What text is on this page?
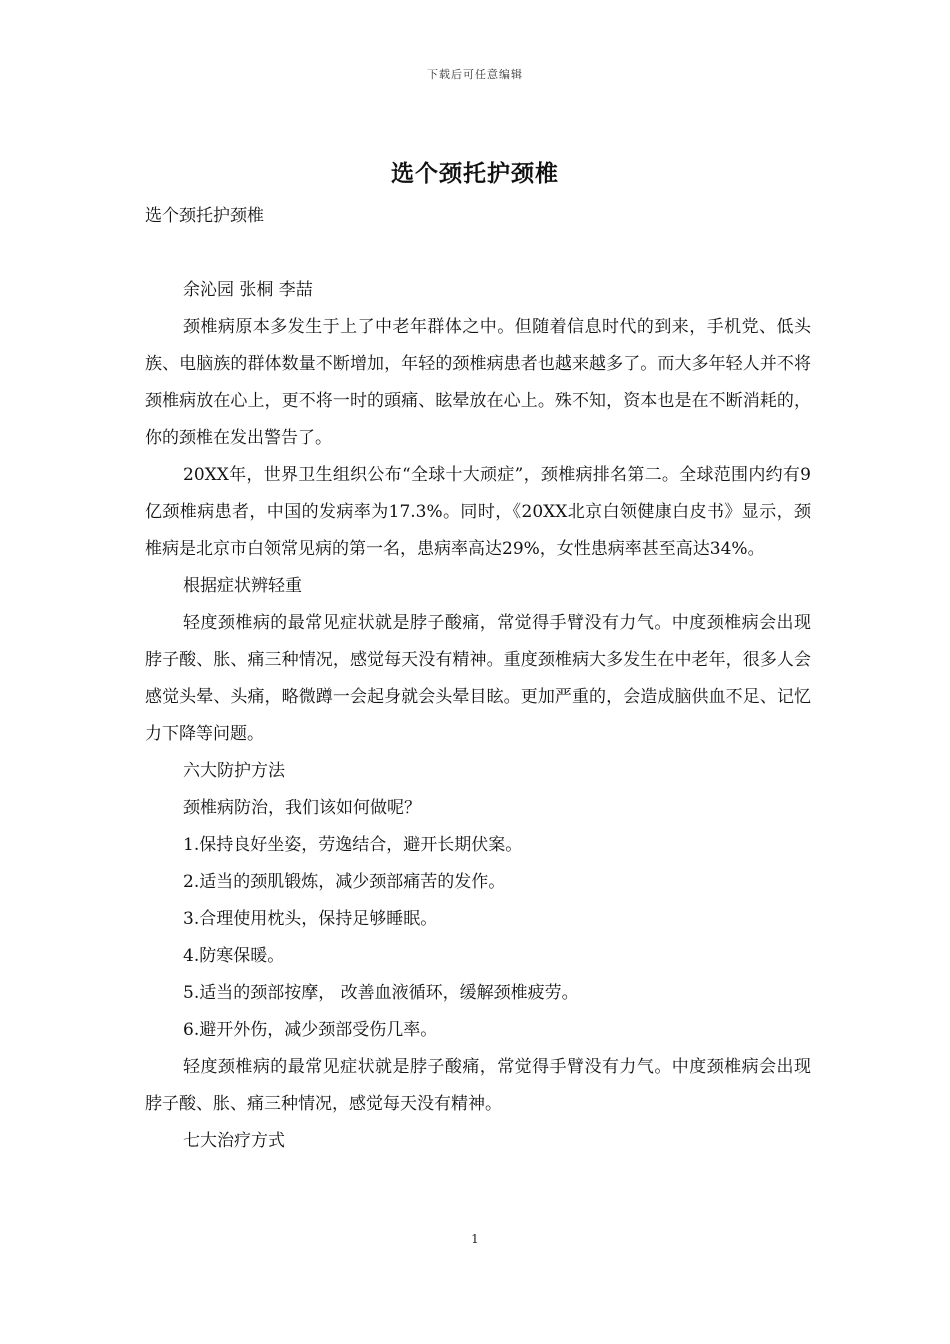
下载后可任意编辑
选个颈托护颈椎

选个颈托护颈椎

余沁园 张桐 李喆

颈椎病原本多发生于上了中老年群体之中。但随着信息时代的到来，手机党、低头族、电脑族的群体数量不断增加，年轻的颈椎病患者也越来越多了。而大多年轻人并不将颈椎病放在心上，更不将一时的頭痛、眩晕放在心上。殊不知，资本也是在不断消耗的，你的颈椎在发出警告了。

20XX年，世界卫生组织公布“全球十大顽症”，颈椎病排名第二。全球范围内约有9亿颈椎病患者，中国的发病率为17.3%。同时，《20XX北京白领健康白皮书》显示，颈椎病是北京市白领常见病的第一名，患病率高达29%，女性患病率甚至高达34%。

根据症状辨轻重

轻度颈椎病的最常见症状就是脖子酸痛，常觉得手臂没有力气。中度颈椎病会出现脖子酸、胀、痛三种情况，感觉每天没有精神。重度颈椎病大多发生在中老年，很多人会感觉头晕、头痛，略微蹲一会起身就会头晕目眩。更加严重的，会造成脑供血不足、记忆力下降等问题。

六大防护方法

颈椎病防治，我们该如何做呢？

1.保持良好坐姿，劳逸结合，避开长期伏案。

2.适当的颈肌锻炼，减少颈部痛苦的发作。

3.合理使用枕头，保持足够睡眠。

4.防寒保暖。

5.适当的颈部按摩， 改善血液循环，缓解颈椎疲劳。

6.避开外伤，减少颈部受伤几率。

轻度颈椎病的最常见症状就是脖子酸痛，常觉得手臂没有力气。中度颈椎病会出现脖子酸、胀、痛三种情况，感觉每天没有精神。

七大治疗方式

1
